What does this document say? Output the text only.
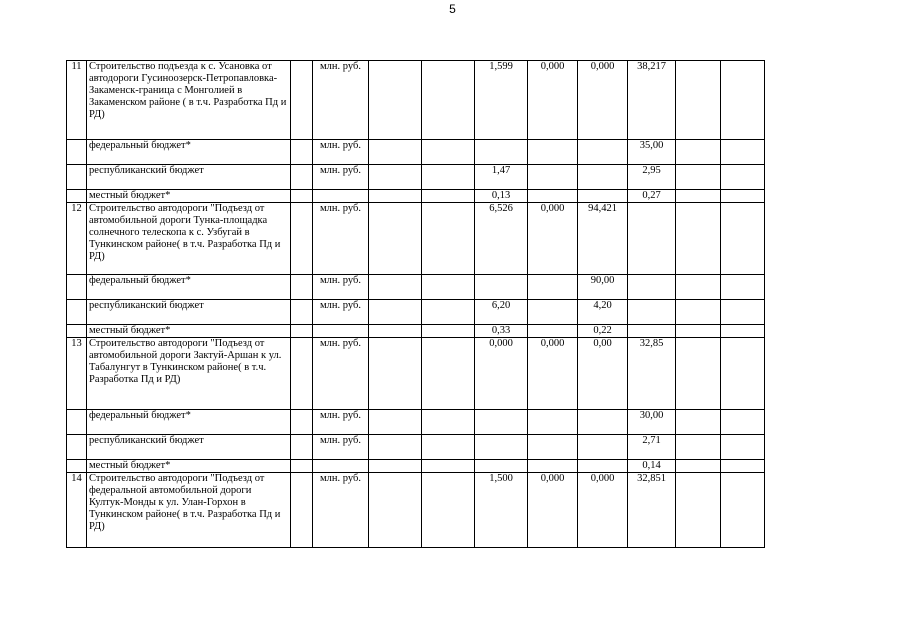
5
11	Строительство подъезда к с. Усановка от автодороги Гусиноозерск-Петропавловка-Закаменск-граница с Монголией в Закаменском районе ( в т.ч. Разработка Пд и РД)		млн. руб.			1,599	0,000	0,000	38,217		
	федеральный бюджет*		млн. руб.						35,00		
	республиканский бюджет		млн. руб.			1,47			2,95		
	местный бюджет*					0,13			0,27		
12	Строительство автодороги "Подъезд от автомобильной дороги Тунка-площадка солнечного телескопа к с. Узбугай в Тункинском районе( в т.ч. Разработка Пд и РД)		млн. руб.			6,526	0,000	94,421			
	федеральный бюджет*		млн. руб.					90,00			
	республиканский бюджет		млн. руб.			6,20		4,20			
	местный бюджет*					0,33		0,22			
13	Строительство автодороги "Подъезд от автомобильной дороги Зактуй-Аршан к ул. Табалунгут в Тункинском районе( в т.ч. Разработка Пд и РД)		млн. руб.			0,000	0,000	0,00	32,85		
	федеральный бюджет*		млн. руб.						30,00		
	республиканский бюджет		млн. руб.						2,71		
	местный бюджет*								0,14		
14	Строительство автодороги "Подъезд от федеральной автомобильной дороги Култук-Монды к ул. Улан-Горхон в Тункинском районе( в т.ч. Разработка Пд и РД)		млн. руб.			1,500	0,000	0,000	32,851		
